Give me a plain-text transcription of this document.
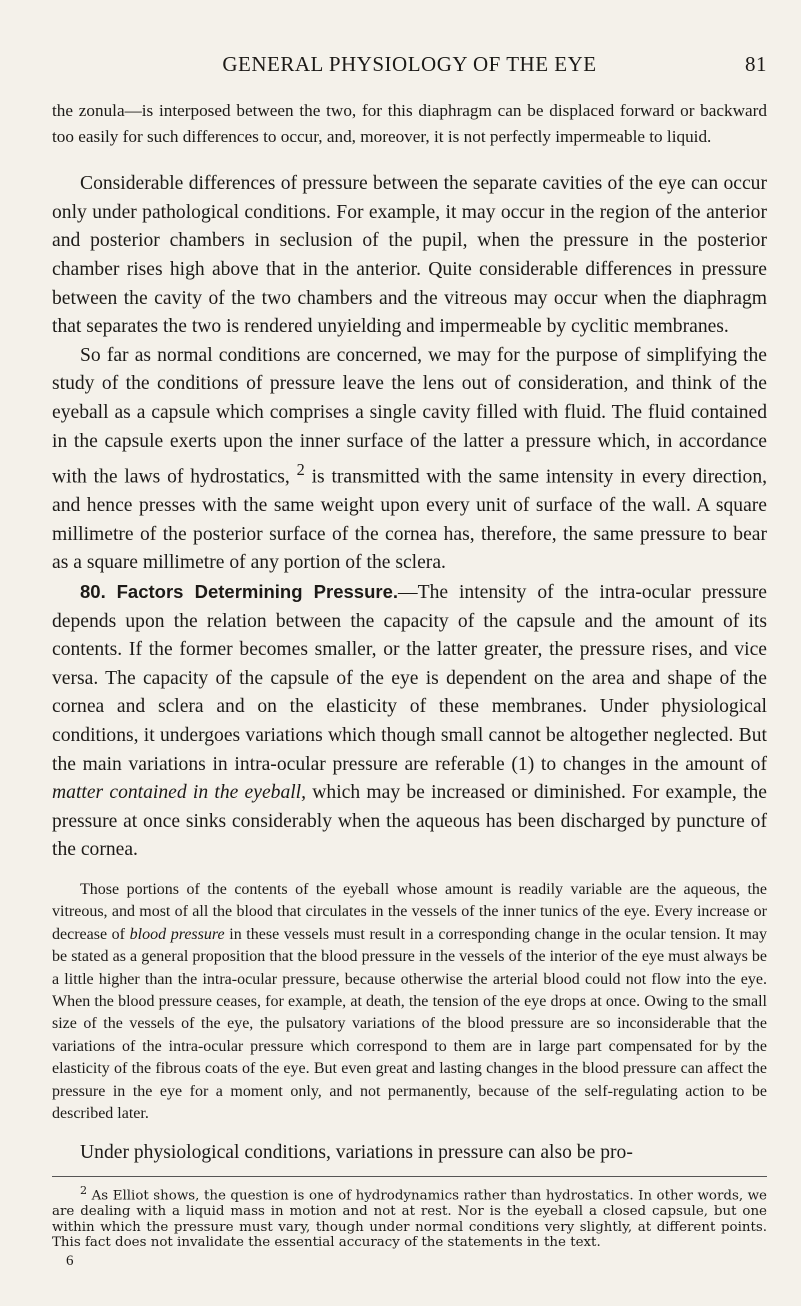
GENERAL PHYSIOLOGY OF THE EYE	81

the zonula—is interposed between the two, for this diaphragm can be displaced forward or backward too easily for such differences to occur, and, moreover, it is not perfectly impermeable to liquid.

Considerable differences of pressure between the separate cavities of the eye can occur only under pathological conditions. For example, it may occur in the region of the anterior and posterior chambers in seclusion of the pupil, when the pressure in the posterior chamber rises high above that in the anterior. Quite considerable differences in pressure between the cavity of the two chambers and the vitreous may occur when the diaphragm that separates the two is rendered unyielding and impermeable by cyclitic membranes.

So far as normal conditions are concerned, we may for the purpose of simplifying the study of the conditions of pressure leave the lens out of consideration, and think of the eyeball as a capsule which comprises a single cavity filled with fluid. The fluid contained in the capsule exerts upon the inner surface of the latter a pressure which, in accordance with the laws of hydrostatics, $^2$ is transmitted with the same intensity in every direction, and hence presses with the same weight upon every unit of surface of the wall. A square millimetre of the posterior surface of the cornea has, therefore, the same pressure to bear as a square millimetre of any portion of the sclera.

80. Factors Determining Pressure.—The intensity of the intra-ocular pressure depends upon the relation between the capacity of the capsule and the amount of its contents. If the former becomes smaller, or the latter greater, the pressure rises, and vice versa. The capacity of the capsule of the eye is dependent on the area and shape of the cornea and sclera and on the elasticity of these membranes. Under physiological conditions, it undergoes variations which though small cannot be altogether neglected. But the main variations in intra-ocular pressure are referable (1) to changes in the amount of matter contained in the eyeball, which may be increased or diminished. For example, the pressure at once sinks considerably when the aqueous has been discharged by puncture of the cornea.

Those portions of the contents of the eyeball whose amount is readily variable are the aqueous, the vitreous, and most of all the blood that circulates in the vessels of the inner tunics of the eye. Every increase or decrease of blood pressure in these vessels must result in a corresponding change in the ocular tension. It may be stated as a general proposition that the blood pressure in the vessels of the interior of the eye must always be a little higher than the intra-ocular pressure, because otherwise the arterial blood could not flow into the eye. When the blood pressure ceases, for example, at death, the tension of the eye drops at once. Owing to the small size of the vessels of the eye, the pulsatory variations of the blood pressure are so inconsiderable that the variations of the intra-ocular pressure which correspond to them are in large part compensated for by the elasticity of the fibrous coats of the eye. But even great and lasting changes in the blood pressure can affect the pressure in the eye for a moment only, and not permanently, because of the self-regulating action to be described later.

Under physiological conditions, variations in pressure can also be pro-

$^2$ As Elliot shows, the question is one of hydrodynamics rather than hydrostatics. In other words, we are dealing with a liquid mass in motion and not at rest. Nor is the eyeball a closed capsule, but one within which the pressure must vary, though under normal conditions very slightly, at different points. This fact does not invalidate the essential accuracy of the statements in the text.

6
